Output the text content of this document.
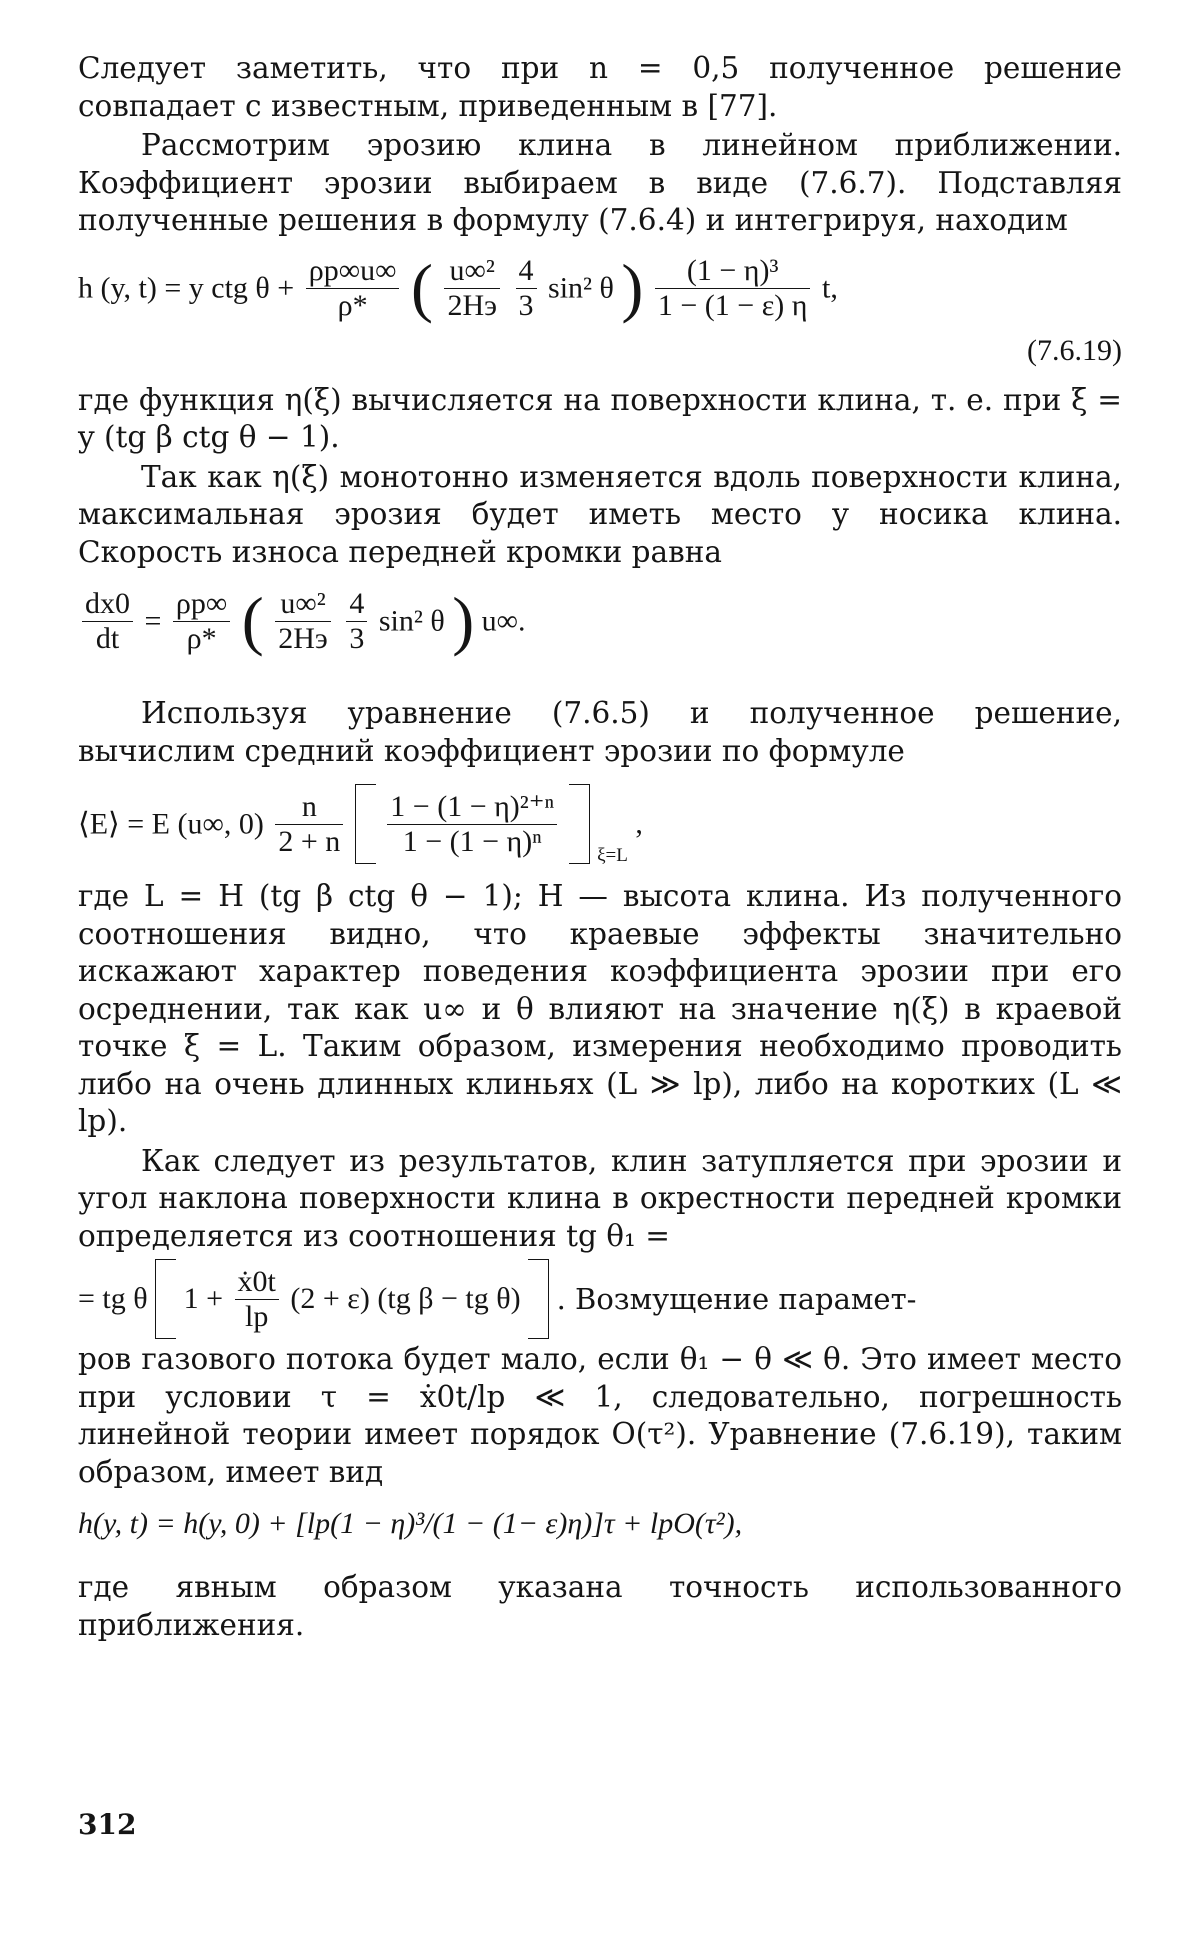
Следует заметить, что при n = 0,5 полученное решение совпадает с известным, приведенным в [77].

Рассмотрим эрозию клина в линейном приближении. Коэффициент эрозии выбираем в виде (7.6.7). Подставляя полученные решения в формулу (7.6.4) и интегрируя, находим

h (y, t) = y ctg $\theta + \frac{\rho p\infty u\infty}{\rho*}$ ( $\frac{\text{u∞²}}{2Hэ}$
$\frac{4}{3} \sin^2$ θ ) $\frac{\text{(1 − η)³}}{1 - (1 - \varepsilon) \eta} t$,
(7.6.19)

где функция η(ξ) вычисляется на поверхности клина, т. е. при ξ = y (tg β ctg θ − 1).

Так как η(ξ) монотонно изменяется вдоль поверхности клина, максимальная эрозия будет иметь место у носика клина. Скорость износа передней кромки равна

$\frac{dx0}{dt} = \frac{\rho p\infty}{\rho*}$ ( $\frac{\text{u∞²}}{2Hэ}$
$\frac{4}{3} \sin^2$ θ ) u∞.

Используя уравнение (7.6.5) и полученное решение, вычислим средний коэффициент эрозии по формуле

⟨E⟩ = E (u∞, $0) \frac{n}{2 + n}$
$\frac{\text{1 − (1 − η)²⁺ⁿ}}{\text{1 − (1 − η)ⁿ}} _{\xi=L}$ ,

где L = H (tg β ctg θ − 1); H — высота клина. Из полученного соотношения видно, что краевые эффекты значительно искажают характер поведения коэффициента эрозии при его осреднении, так как u∞ и θ влияют на значение η(ξ) в краевой точке ξ = L. Таким образом, измерения необходимо проводить либо на очень длинных клиньях (L ≫ lp), либо на коротких (L ≪ lp).

Как следует из результатов, клин затупляется при эрозии и угол наклона поверхности клина в окрестности передней кромки определяется из соотношения tg θ₁ =

= tg θ $1 + \frac{\text{ẋ0t}}{lp} (2 + \varepsilon)$ (tg β − tg θ) . Возмущение парамет-

ров газового потока будет мало, если θ₁ − θ ≪ θ. Это имеет место при условии τ = ẋ0t/lp ≪ 1, следовательно, погрешность линейной теории имеет порядок O(τ²). Уравнение (7.6.19), таким образом, имеет вид

h(y, t) = h(y, 0) + [lp(1 − η)³/(1 − (1− ε)η)]τ + lpO(τ²),

где явным образом указана точность использованного приближения.

312
